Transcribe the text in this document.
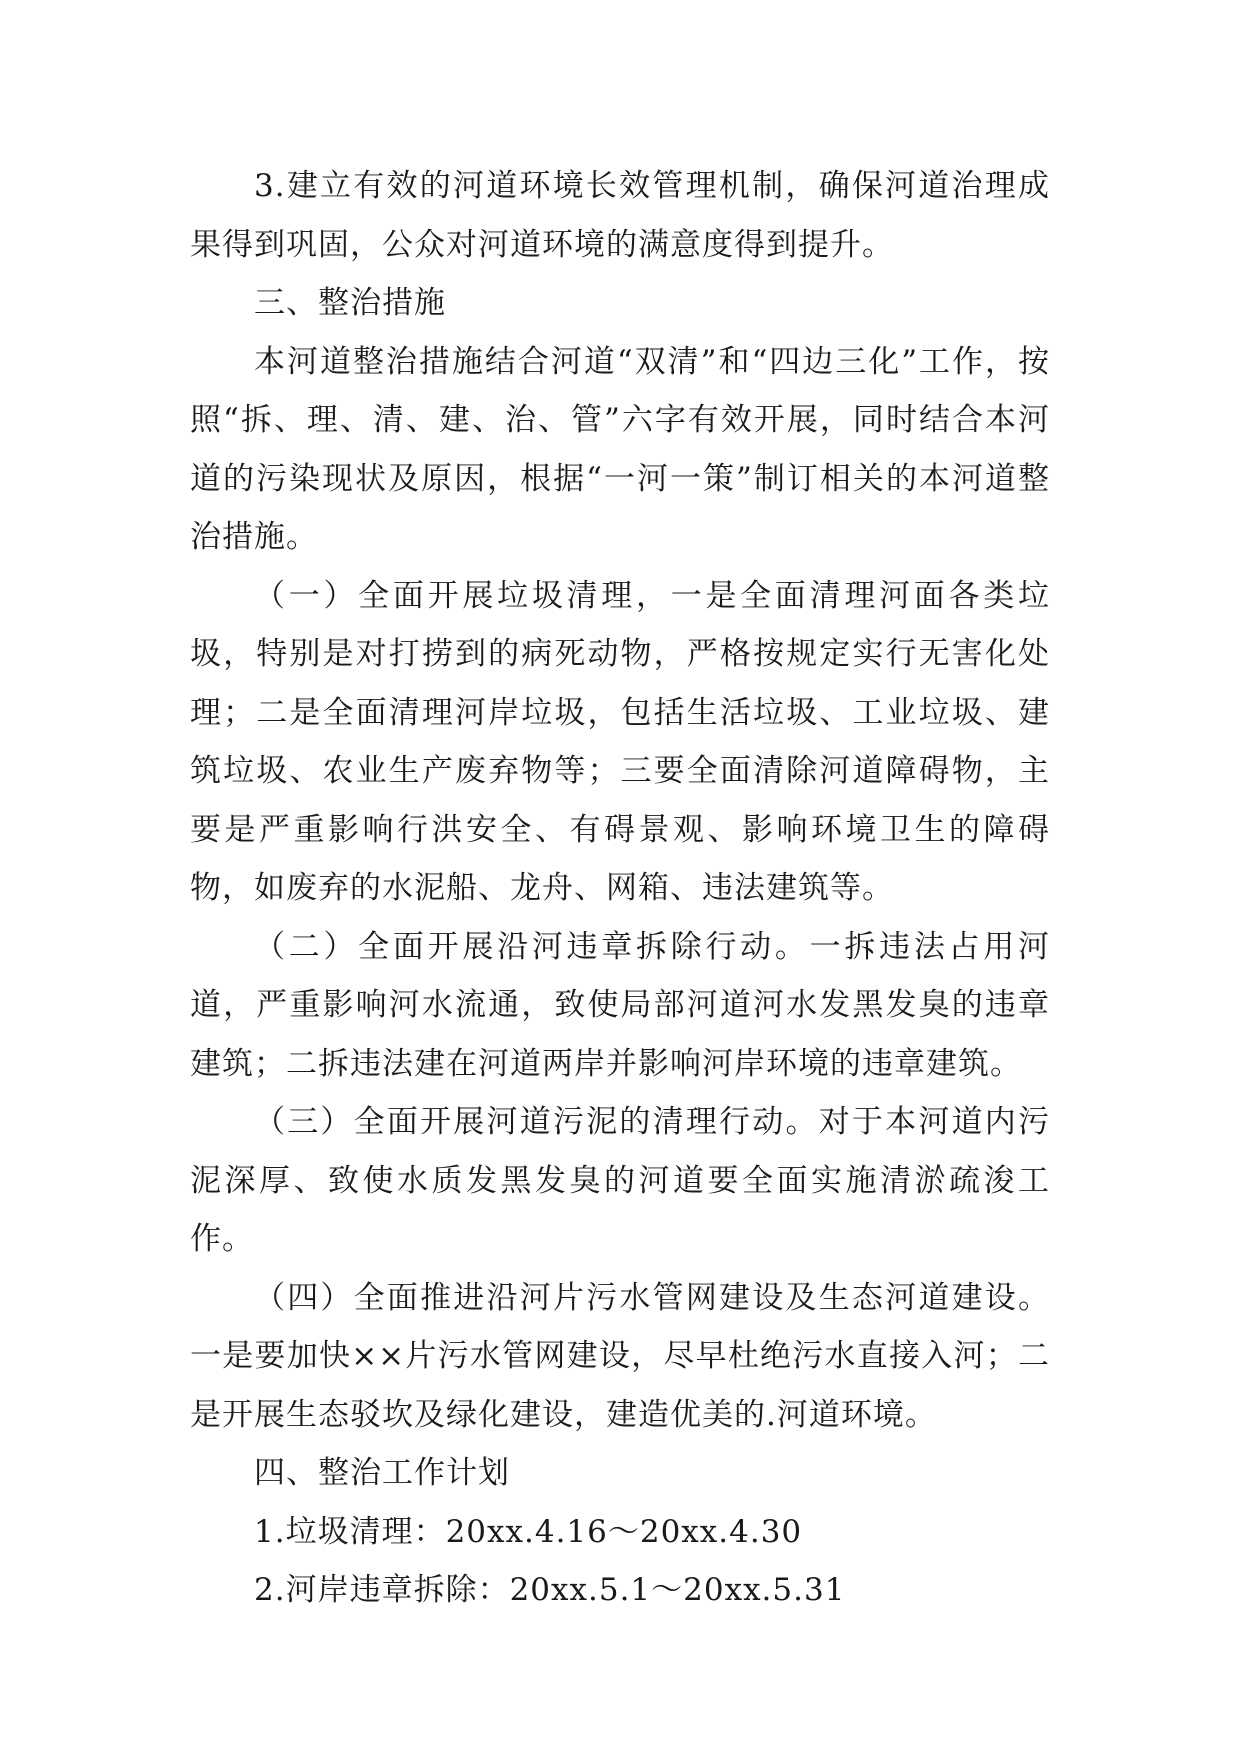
3.建立有效的河道环境长效管理机制，确保河道治理成果得到巩固，公众对河道环境的满意度得到提升。

三、整治措施

本河道整治措施结合河道“双清”和“四边三化”工作，按照“拆、理、清、建、治、管”六字有效开展，同时结合本河道的污染现状及原因，根据“一河一策”制订相关的本河道整治措施。

（一）全面开展垃圾清理，一是全面清理河面各类垃圾，特别是对打捞到的病死动物，严格按规定实行无害化处理；二是全面清理河岸垃圾，包括生活垃圾、工业垃圾、建筑垃圾、农业生产废弃物等；三要全面清除河道障碍物，主要是严重影响行洪安全、有碍景观、影响环境卫生的障碍物，如废弃的水泥船、龙舟、网箱、违法建筑等。

（二）全面开展沿河违章拆除行动。一拆违法占用河道，严重影响河水流通，致使局部河道河水发黑发臭的违章建筑；二拆违法建在河道两岸并影响河岸环境的违章建筑。

（三）全面开展河道污泥的清理行动。对于本河道内污泥深厚、致使水质发黑发臭的河道要全面实施清淤疏浚工作。

（四）全面推进沿河片污水管网建设及生态河道建设。一是要加快××片污水管网建设，尽早杜绝污水直接入河；二是开展生态驳坎及绿化建设，建造优美的.河道环境。

四、整治工作计划

1.垃圾清理：20xx.4.16～20xx.4.30

2.河岸违章拆除：20xx.5.1～20xx.5.31
